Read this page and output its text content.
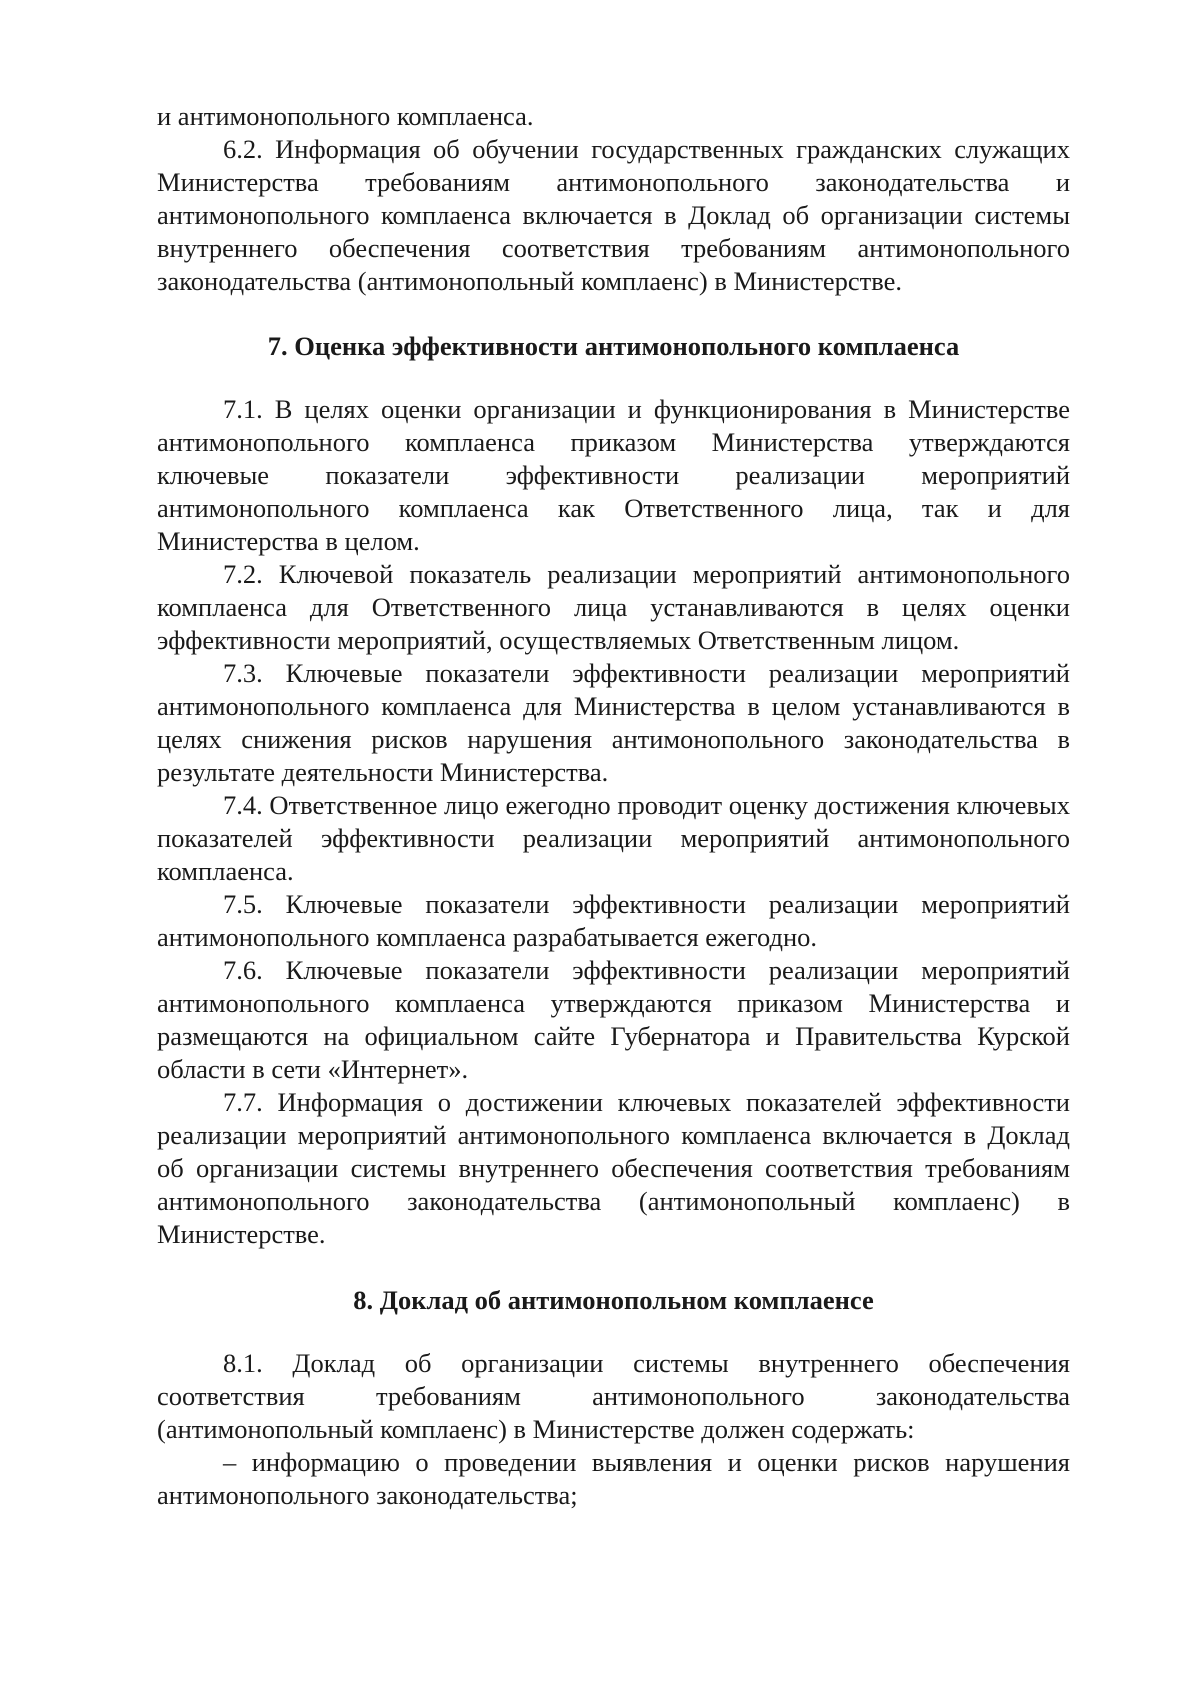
и антимонопольного комплаенса.

6.2. Информация об обучении государственных гражданских служащих Министерства требованиям антимонопольного законодательства и антимонопольного комплаенса включается в Доклад об организации системы внутреннего обеспечения соответствия требованиям антимонопольного законодательства (антимонопольный комплаенс) в Министерстве.

7. Оценка эффективности антимонопольного комплаенса

7.1. В целях оценки организации и функционирования в Министерстве антимонопольного комплаенса приказом Министерства утверждаются ключевые показатели эффективности реализации мероприятий антимонопольного комплаенса как Ответственного лица, так и для Министерства в целом.

7.2. Ключевой показатель реализации мероприятий антимонопольного комплаенса для Ответственного лица устанавливаются в целях оценки эффективности мероприятий, осуществляемых Ответственным лицом.

7.3. Ключевые показатели эффективности реализации мероприятий антимонопольного комплаенса для Министерства в целом устанавливаются в целях снижения рисков нарушения антимонопольного законодательства в результате деятельности Министерства.

7.4. Ответственное лицо ежегодно проводит оценку достижения ключевых показателей эффективности реализации мероприятий антимонопольного комплаенса.

7.5. Ключевые показатели эффективности реализации мероприятий антимонопольного комплаенса разрабатывается ежегодно.

7.6. Ключевые показатели эффективности реализации мероприятий антимонопольного комплаенса утверждаются приказом Министерства и размещаются на официальном сайте Губернатора и Правительства Курской области в сети «Интернет».

7.7. Информация о достижении ключевых показателей эффективности реализации мероприятий антимонопольного комплаенса включается в Доклад об организации системы внутреннего обеспечения соответствия требованиям антимонопольного законодательства (антимонопольный комплаенс) в Министерстве.

8. Доклад об антимонопольном комплаенсе

8.1. Доклад об организации системы внутреннего обеспечения соответствия требованиям антимонопольного законодательства (антимонопольный комплаенс) в Министерстве должен содержать:

– информацию о проведении выявления и оценки рисков нарушения антимонопольного законодательства;
